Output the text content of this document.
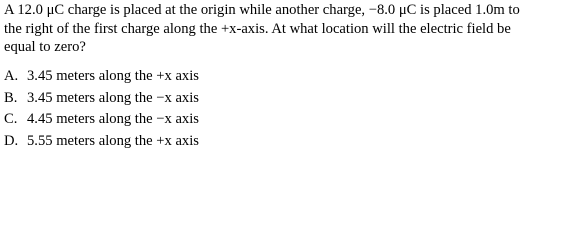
A 12.0 μC charge is placed at the origin while another charge, −8.0 μC is placed 1.0m to
the right of the first charge along the +x-axis. At what location will the electric field be
equal to zero?
A. 3.45 meters along the +x axis
B. 3.45 meters along the −x axis
C. 4.45 meters along the −x axis
D. 5.55 meters along the +x axis
